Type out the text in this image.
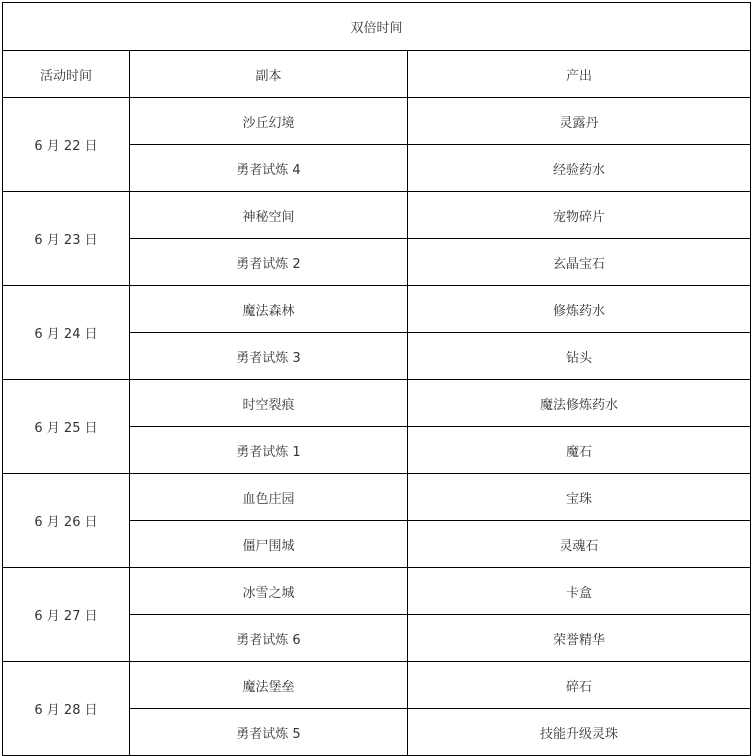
双倍时间		
活动时间	副本	产出
6 月 22 日	沙丘幻境	灵露丹
	勇者试炼 4	经验药水
6 月 23 日	神秘空间	宠物碎片
	勇者试炼 2	玄晶宝石
6 月 24 日	魔法森林	修炼药水
	勇者试炼 3	钻头
6 月 25 日	时空裂痕	魔法修炼药水
	勇者试炼 1	魔石
6 月 26 日	血色庄园	宝珠
	僵尸围城	灵魂石
6 月 27 日	冰雪之城	卡盒
	勇者试炼 6	荣誉精华
6 月 28 日	魔法堡垒	碎石
	勇者试炼 5	技能升级灵珠
